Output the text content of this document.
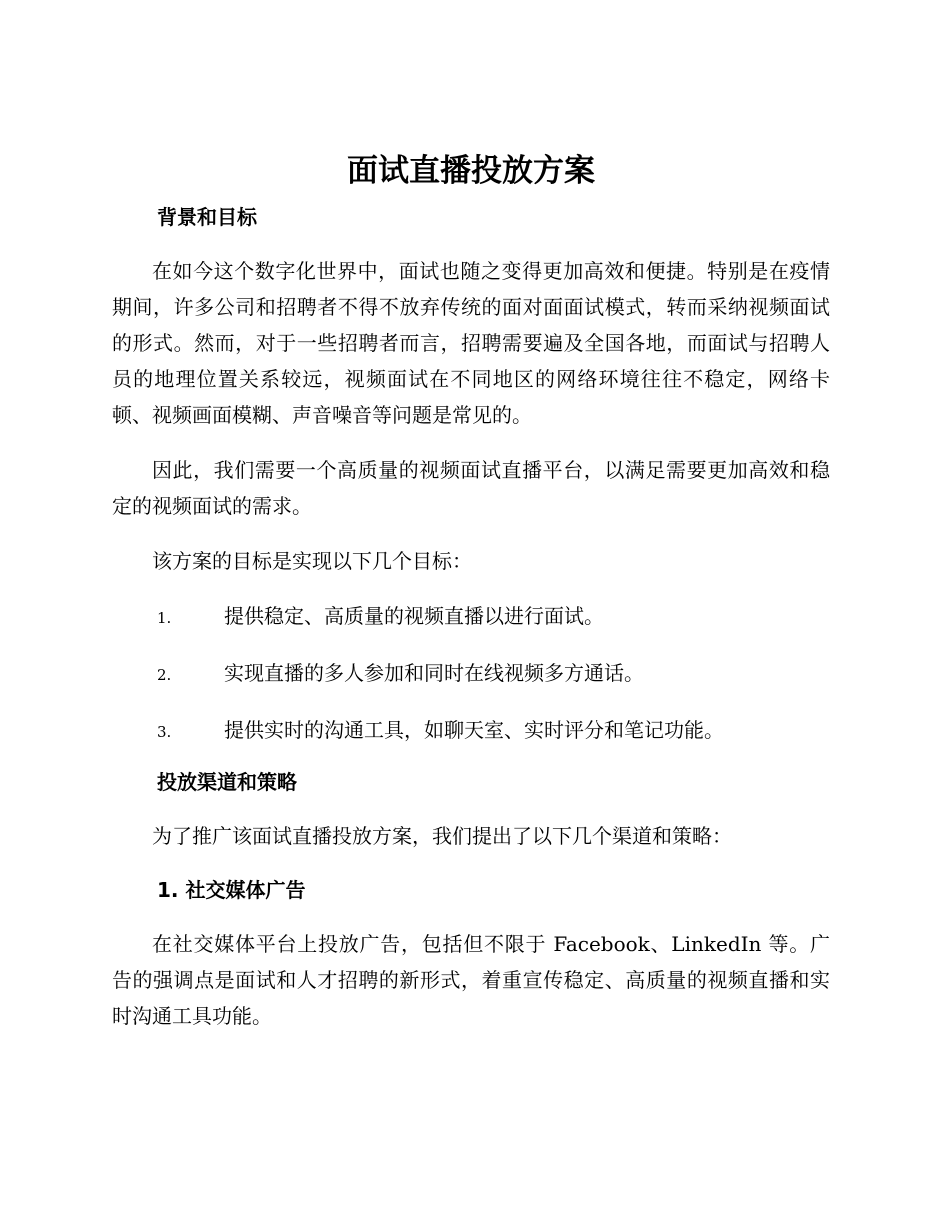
面试直播投放方案
背景和目标

在如今这个数字化世界中，面试也随之变得更加高效和便捷。特别是在疫情期间，许多公司和招聘者不得不放弃传统的面对面面试模式，转而采纳视频面试的形式。然而，对于一些招聘者而言，招聘需要遍及全国各地，而面试与招聘人员的地理位置关系较远，视频面试在不同地区的网络环境往往不稳定，网络卡顿、视频画面模糊、声音噪音等问题是常见的。

因此，我们需要一个高质量的视频面试直播平台，以满足需要更加高效和稳定的视频面试的需求。

该方案的目标是实现以下几个目标：

1.	提供稳定、高质量的视频直播以进行面试。
2.	实现直播的多人参加和同时在线视频多方通话。
3.	提供实时的沟通工具，如聊天室、实时评分和笔记功能。
投放渠道和策略

为了推广该面试直播投放方案，我们提出了以下几个渠道和策略：

1. 社交媒体广告

在社交媒体平台上投放广告，包括但不限于 Facebook、LinkedIn 等。广告的强调点是面试和人才招聘的新形式，着重宣传稳定、高质量的视频直播和实时沟通工具功能。
